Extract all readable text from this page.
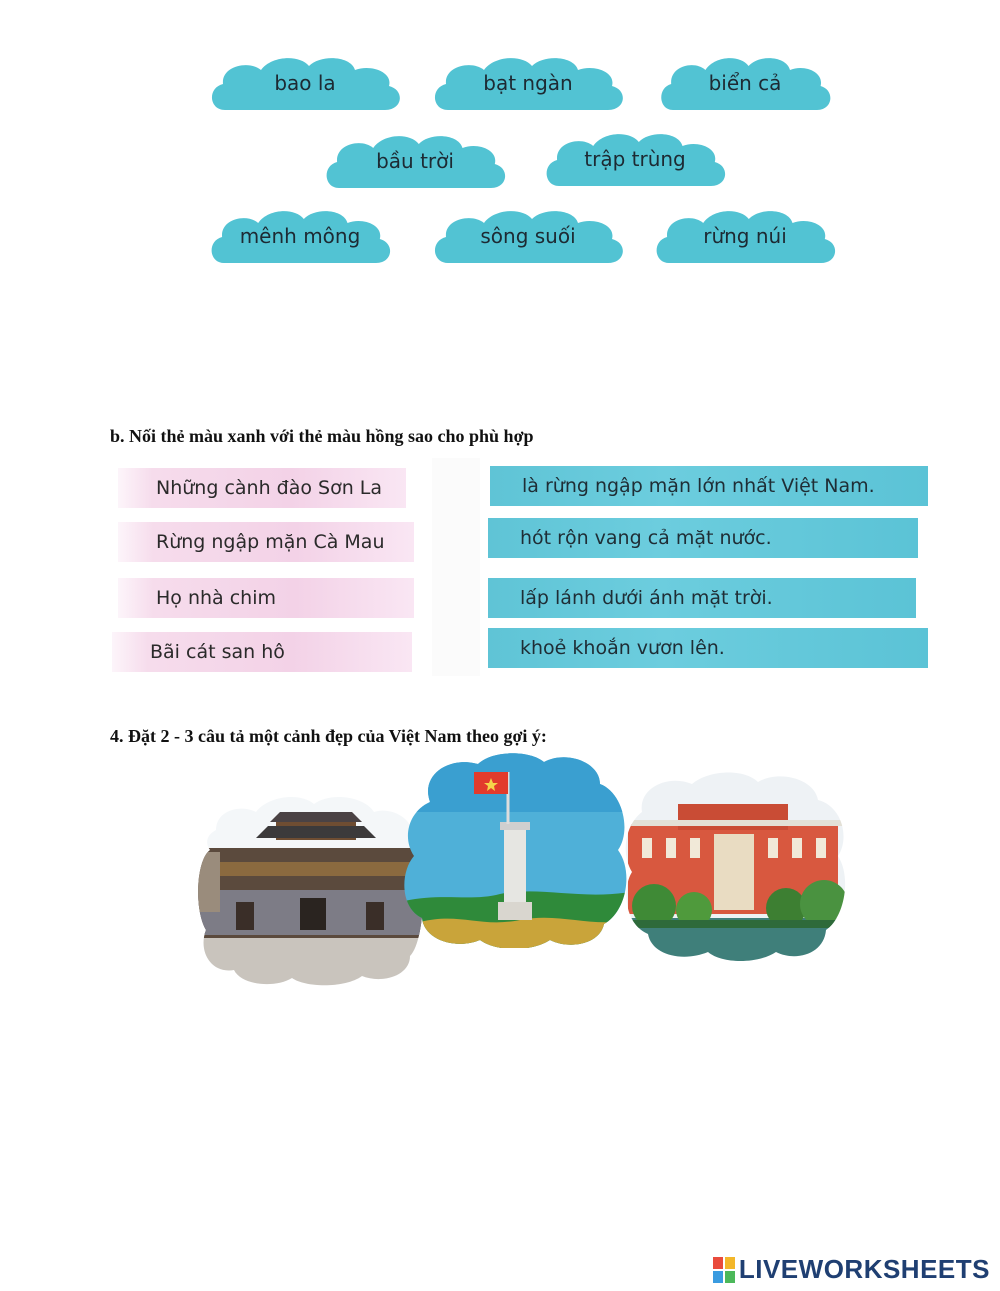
bao la	bạt ngàn	biển cả
bầu trời	trập trùng
mênh mông	sông suối	rừng núi
b. Nối thẻ màu xanh với thẻ màu hồng sao cho phù hợp
Những cành đào Sơn La
Rừng ngập mặn Cà Mau
Họ nhà chim
Bãi cát san hô
là rừng ngập mặn lớn nhất Việt Nam.
hót rộn vang cả mặt nước.
lấp lánh dưới ánh mặt trời.
khoẻ khoắn vươn lên.
4. Đặt 2 - 3 câu tả một cảnh đẹp của Việt Nam theo gợi ý:
LIVEWORKSHEETS
